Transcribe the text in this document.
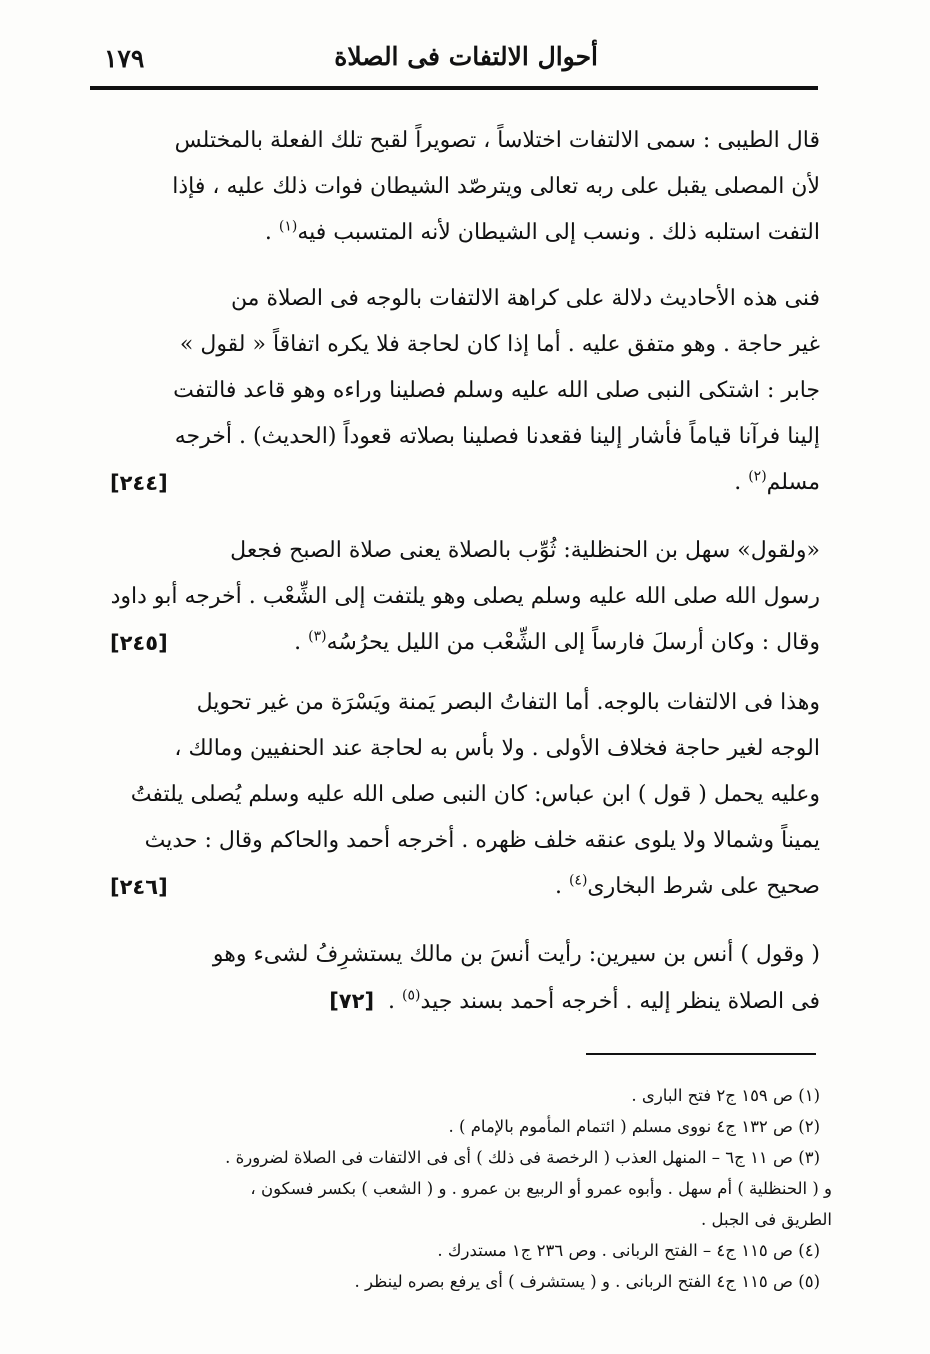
١٧٩	أحوال الالتفات فى الصلاة

قال الطيبى : سمى الالتفات اختلاساً ، تصويراً لقبح تلك الفعلة بالمختلس

لأن المصلى يقبل على ربه تعالى ويترصّد الشيطان فوات ذلك عليه ، فإذا

التفت استلبه ذلك . ونسب إلى الشيطان لأنه المتسبب فيه$^{(١)}$ .

فنى هذه الأحاديث دلالة على كراهة الالتفات بالوجه فى الصلاة من

غير حاجة . وهو متفق عليه . أما إذا كان لحاجة فلا يكره اتفاقاً « لقول »

جابر : اشتكى النبى صلى الله عليه وسلم فصلينا وراءه وهو قاعد فالتفت

إلينا فرآنا قياماً فأشار إلينا فقعدنا فصلينا بصلاته قعوداً (الحديث) . أخرجه

مسلم$^{(٢)}$ .
[٢٤٤]

«ولقول» سهل بن الحنظلية: ثُوِّب بالصلاة يعنى صلاة الصبح فجعل

رسول الله صلى الله عليه وسلم يصلى وهو يلتفت إلى الشِّعْب . أخرجه أبو داود

وقال : وكان أرسلَ فارساً إلى الشِّعْب من الليل يحرُسُه$^{(٣)}$ .
[٢٤٥]

وهذا فى الالتفات بالوجه. أما التفاتُ البصر يَمنة ويَسْرَة من غير تحويل

الوجه لغير حاجة فخلاف الأولى . ولا بأس به لحاجة عند الحنفيين ومالك ،

وعليه يحمل ( قول ) ابن عباس: كان النبى صلى الله عليه وسلم يُصلى يلتفتُ

يميناً وشمالا ولا يلوى عنقه خلف ظهره . أخرجه أحمد والحاكم وقال : حديث

صحيح على شرط البخارى$^{(٤)}$ .
[٢٤٦]

( وقول ) أنس بن سيرين: رأيت أنسَ بن مالك يستشرِفُ لشىء وهو

فى الصلاة ينظر إليه . أخرجه أحمد بسند جيد$^{(٥)}$ .  [٧٢]

(١) ص ١٥٩ ج٢ فتح البارى .

(٢) ص ١٣٢ ج٤ نووى مسلم ( ائتمام المأموم بالإمام ) .

(٣) ص ١١ ج٦ – المنهل العذب ( الرخصة فى ذلك ) أى فى الالتفات فى الصلاة لضرورة .

و ( الحنظلية ) أم سهل . وأبوه عمرو أو الربيع بن عمرو . و ( الشعب ) بكسر فسكون ،

الطريق فى الجبل .

(٤) ص ١١٥ ج٤ – الفتح الربانى . وص ٢٣٦ ج١ مستدرك .

(٥) ص ١١٥ ج٤ الفتح الربانى . و ( يستشرف ) أى يرفع بصره لينظر .
